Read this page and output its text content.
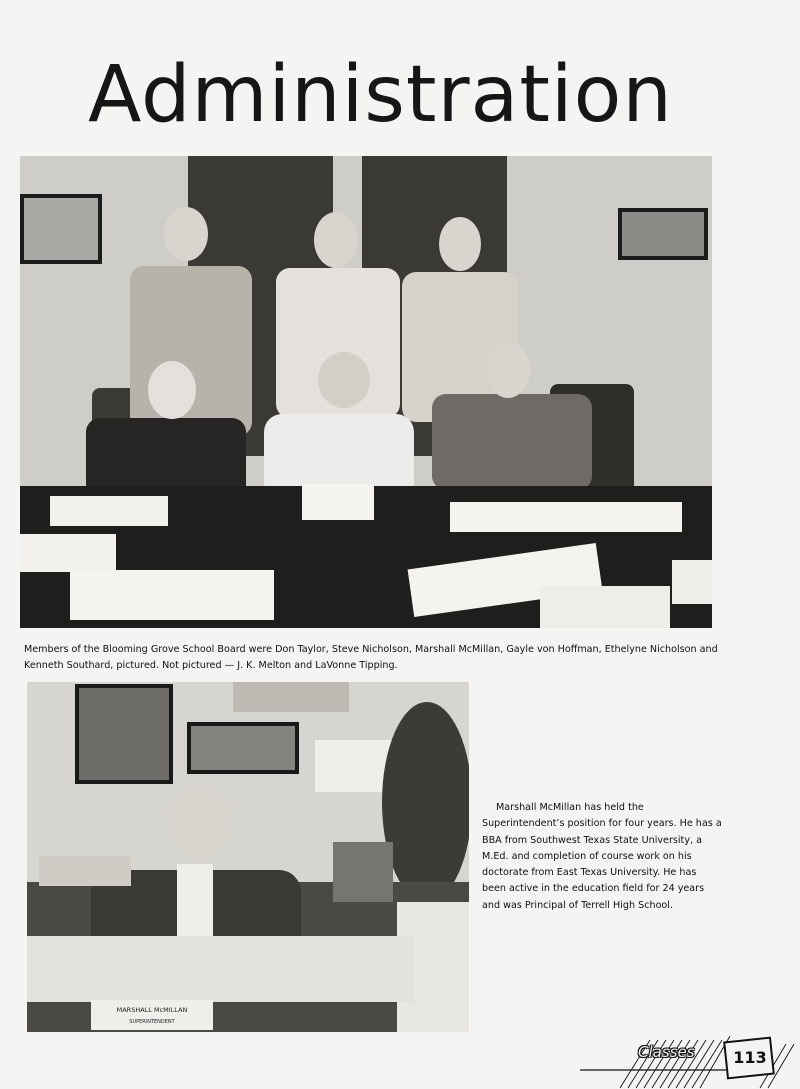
Administration

Members of the Blooming Grove School Board were Don Taylor, Steve Nicholson, Marshall McMillan, Gayle von Hoffman, Ethelyne Nicholson and Kenneth Southard, pictured. Not pictured — J. K. Melton and LaVonne Tipping.

MARSHALL McMILLAN
SUPERINTENDENT

Marshall McMillan has held the Superintendent’s position for four years. He has a BBA from Southwest Texas State University, a M.Ed. and completion of course work on his doctorate from East Texas University. He has been active in the education field for 24 years and was Principal of Terrell High School.

Classes	113
